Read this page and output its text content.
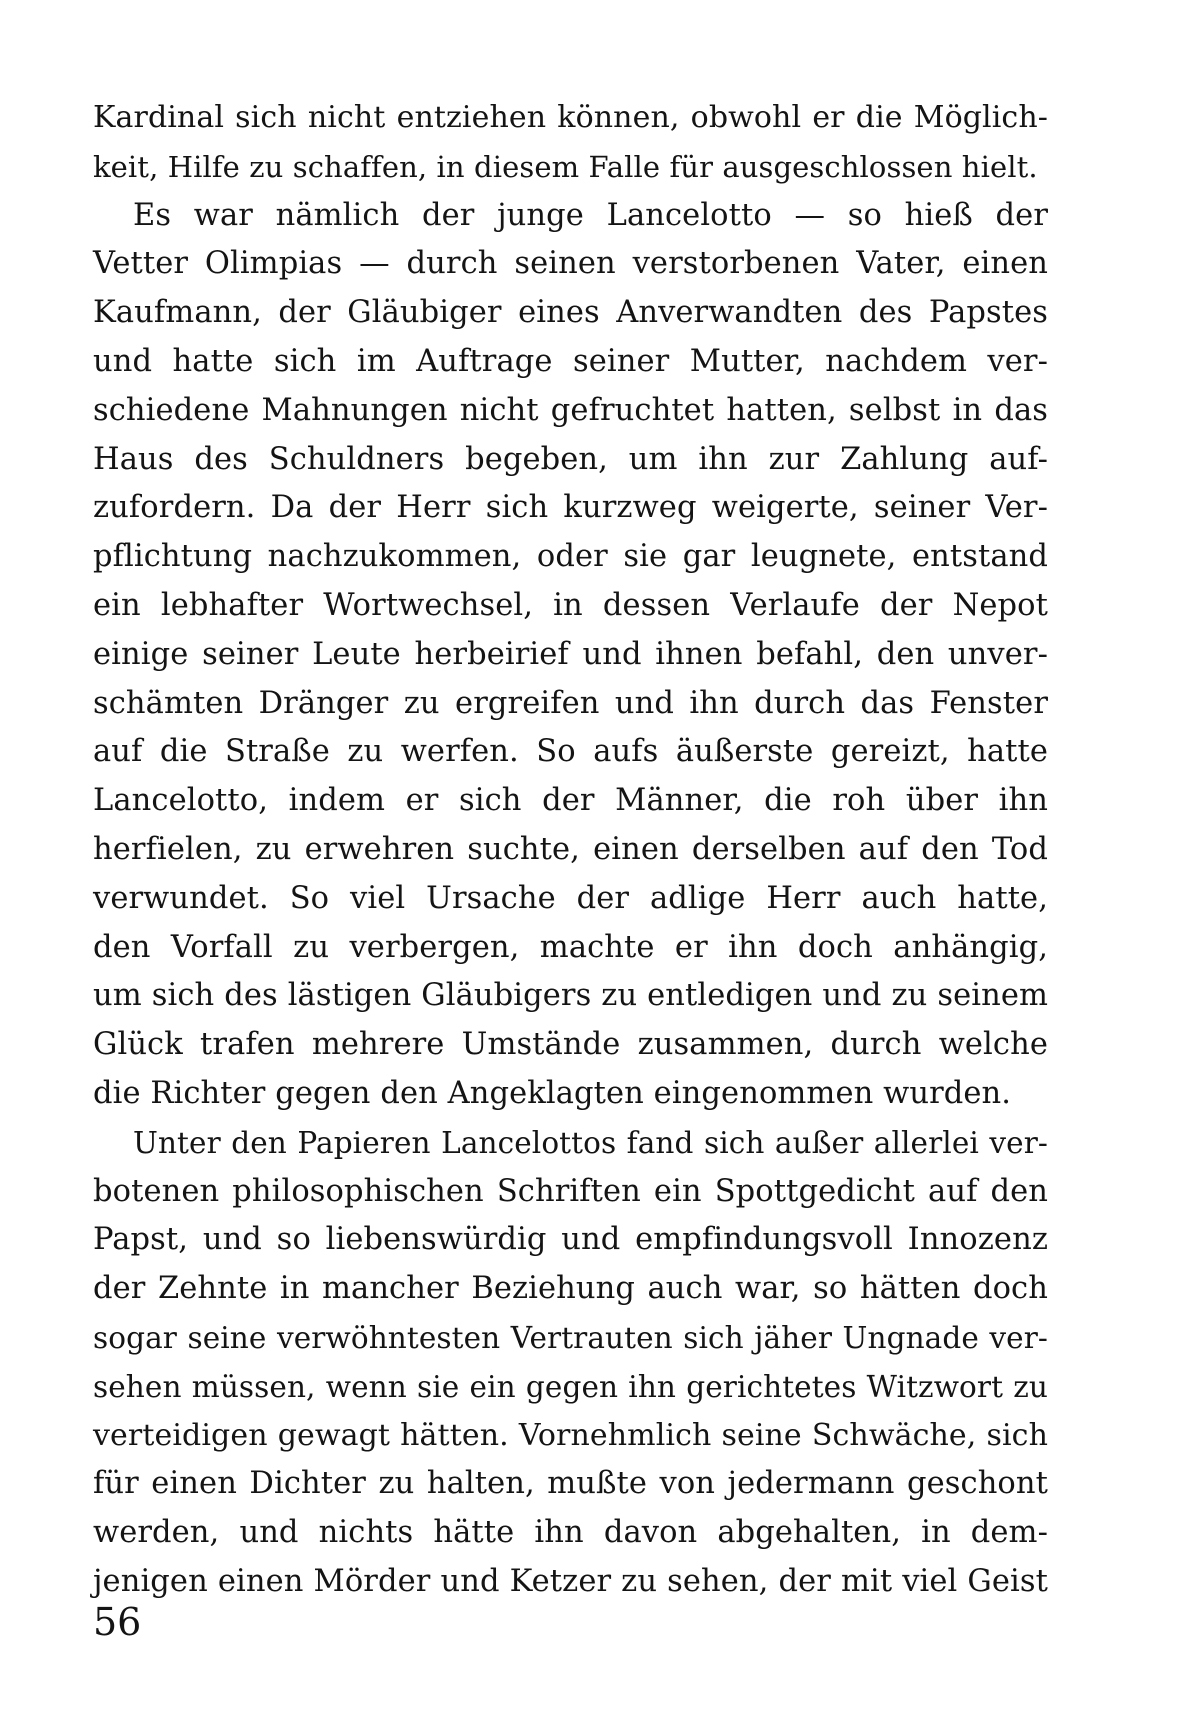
Kardinal sich nicht entziehen können, obwohl er die Möglich-
keit, Hilfe zu schaffen, in diesem Falle für ausgeschlossen hielt.
Es war nämlich der junge Lancelotto — so hieß der
Vetter Olimpias — durch seinen verstorbenen Vater, einen
Kaufmann, der Gläubiger eines Anverwandten des Papstes
und hatte sich im Auftrage seiner Mutter, nachdem ver-
schiedene Mahnungen nicht gefruchtet hatten, selbst in das
Haus des Schuldners begeben, um ihn zur Zahlung auf-
zufordern. Da der Herr sich kurzweg weigerte, seiner Ver-
pflichtung nachzukommen, oder sie gar leugnete, entstand
ein lebhafter Wortwechsel, in dessen Verlaufe der Nepot
einige seiner Leute herbeirief und ihnen befahl, den unver-
schämten Dränger zu ergreifen und ihn durch das Fenster
auf die Straße zu werfen. So aufs äußerste gereizt, hatte
Lancelotto, indem er sich der Männer, die roh über ihn
herfielen, zu erwehren suchte, einen derselben auf den Tod
verwundet. So viel Ursache der adlige Herr auch hatte,
den Vorfall zu verbergen, machte er ihn doch anhängig,
um sich des lästigen Gläubigers zu entledigen und zu seinem
Glück trafen mehrere Umstände zusammen, durch welche
die Richter gegen den Angeklagten eingenommen wurden.
Unter den Papieren Lancelottos fand sich außer allerlei ver-
botenen philosophischen Schriften ein Spottgedicht auf den
Papst, und so liebenswürdig und empfindungsvoll Innozenz
der Zehnte in mancher Beziehung auch war, so hätten doch
sogar seine verwöhntesten Vertrauten sich jäher Ungnade ver-
sehen müssen, wenn sie ein gegen ihn gerichtetes Witzwort zu
verteidigen gewagt hätten. Vornehmlich seine Schwäche, sich
für einen Dichter zu halten, mußte von jedermann geschont
werden, und nichts hätte ihn davon abgehalten, in dem-
jenigen einen Mörder und Ketzer zu sehen, der mit viel Geist
56
